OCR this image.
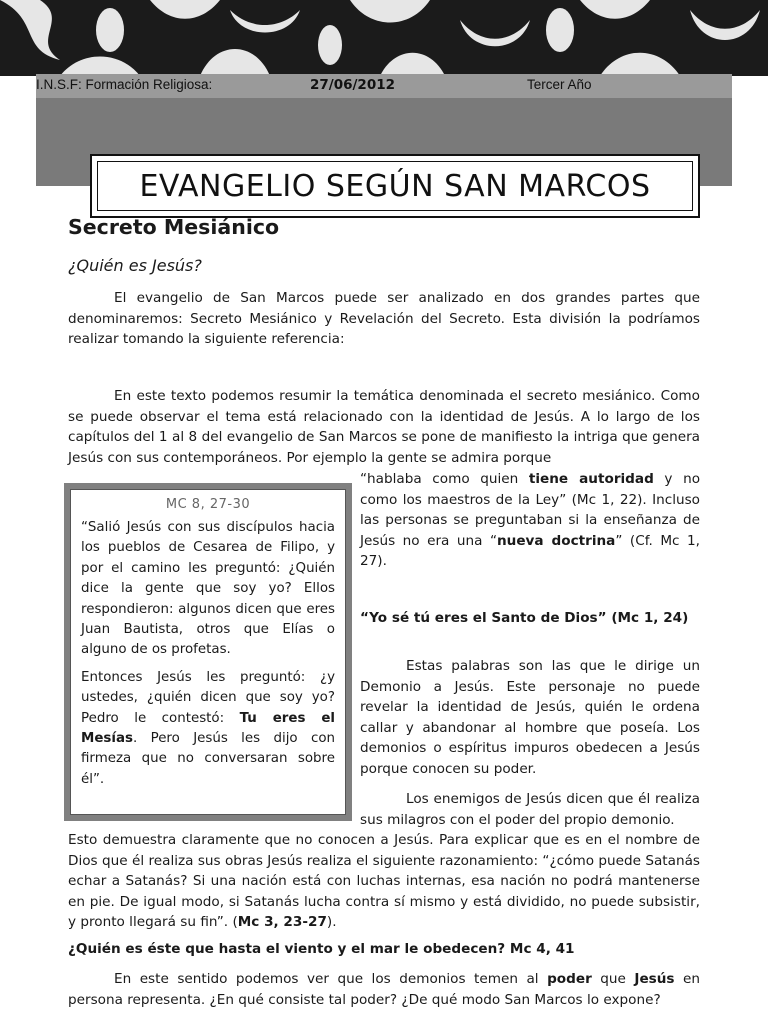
I.N.S.F: Formación Religiosa:	27/06/2012	Tercer Año
EVANGELIO SEGÚN SAN MARCOS
Secreto Mesiánico
¿Quién es Jesús?

El evangelio de San Marcos puede ser analizado en dos grandes partes que denominaremos: Secreto Mesiánico y Revelación del Secreto. Esta división la podríamos realizar tomando la siguiente referencia:

En este texto podemos resumir la temática denominada el secreto mesiánico. Como se puede observar el tema está relacionado con la identidad de Jesús. A lo largo de los capítulos del 1 al 8 del evangelio de San Marcos se pone de manifiesto la intriga que genera Jesús con sus contemporáneos. Por ejemplo la gente se admira porque

“hablaba como quien tiene autoridad y no como los maestros de la Ley” (Mc 1, 22). Incluso las personas se preguntaban si la enseñanza de Jesús no era una “nueva doctrina” (Cf. Mc 1, 27).

“Yo sé tú eres el Santo de Dios” (Mc 1, 24)

Estas palabras son las que le dirige un Demonio a Jesús. Este personaje no puede revelar la identidad de Jesús, quién le ordena callar y abandonar al hombre que poseía. Los demonios o espíritus impuros obedecen a Jesús porque conocen su poder.

Los enemigos de Jesús dicen que él realiza sus milagros con el poder del propio demonio.

Esto demuestra claramente que no conocen a Jesús. Para explicar que es en el nombre de Dios que él realiza sus obras Jesús realiza el siguiente razonamiento: “¿cómo puede Satanás echar a Satanás? Si una nación está con luchas internas, esa nación no podrá mantenerse en pie. De igual modo, si Satanás lucha contra sí mismo y está dividido, no puede subsistir, y pronto llegará su fin”. (Mc 3, 23-27).

¿Quién es éste que hasta el viento y el mar le obedecen? Mc 4, 41

En este sentido podemos ver que los demonios temen al poder que Jesús en persona representa. ¿En qué consiste tal poder? ¿De qué modo San Marcos lo expone?

MC 8, 27-30

“Salió Jesús con sus discípulos hacia los pueblos de Cesarea de Filipo, y por el camino les preguntó: ¿Quién dice la gente que soy yo? Ellos respondieron: algunos dicen que eres Juan Bautista, otros que Elías o alguno de os profetas.

Entonces Jesús les preguntó: ¿y ustedes, ¿quién dicen que soy yo? Pedro le contestó: Tu eres el Mesías. Pero Jesús les dijo con firmeza que no conversaran sobre él”.
